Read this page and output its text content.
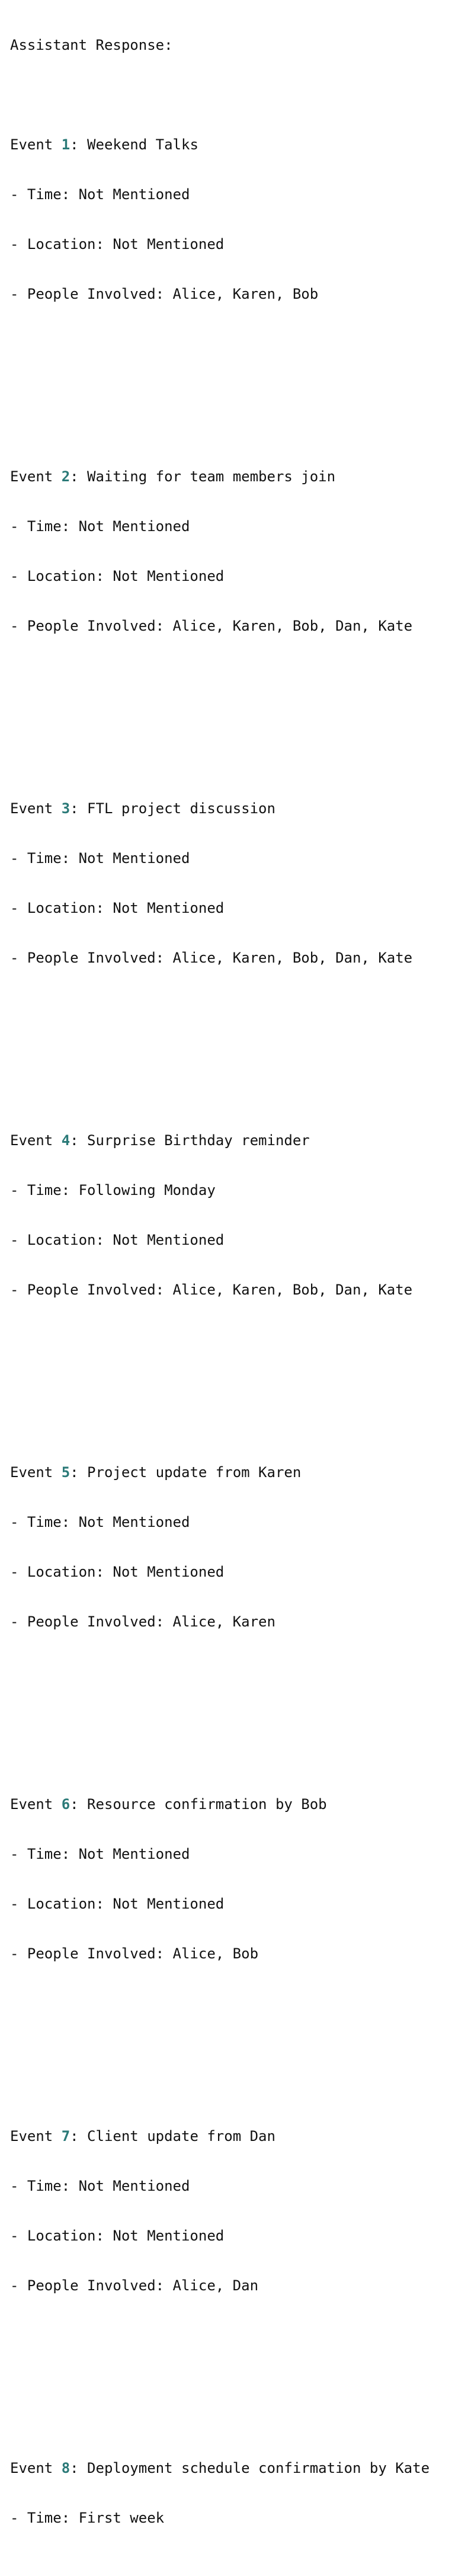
Assistant Response:

Event 1: Weekend Talks

- Time: Not Mentioned

- Location: Not Mentioned

- People Involved: Alice, Karen, Bob

Event 2: Waiting for team members join

- Time: Not Mentioned

- Location: Not Mentioned

- People Involved: Alice, Karen, Bob, Dan, Kate

Event 3: FTL project discussion

- Time: Not Mentioned

- Location: Not Mentioned

- People Involved: Alice, Karen, Bob, Dan, Kate

Event 4: Surprise Birthday reminder

- Time: Following Monday

- Location: Not Mentioned

- People Involved: Alice, Karen, Bob, Dan, Kate

Event 5: Project update from Karen

- Time: Not Mentioned

- Location: Not Mentioned

- People Involved: Alice, Karen

Event 6: Resource confirmation by Bob

- Time: Not Mentioned

- Location: Not Mentioned

- People Involved: Alice, Bob

Event 7: Client update from Dan

- Time: Not Mentioned

- Location: Not Mentioned

- People Involved: Alice, Dan

Event 8: Deployment schedule confirmation by Kate

- Time: First week
